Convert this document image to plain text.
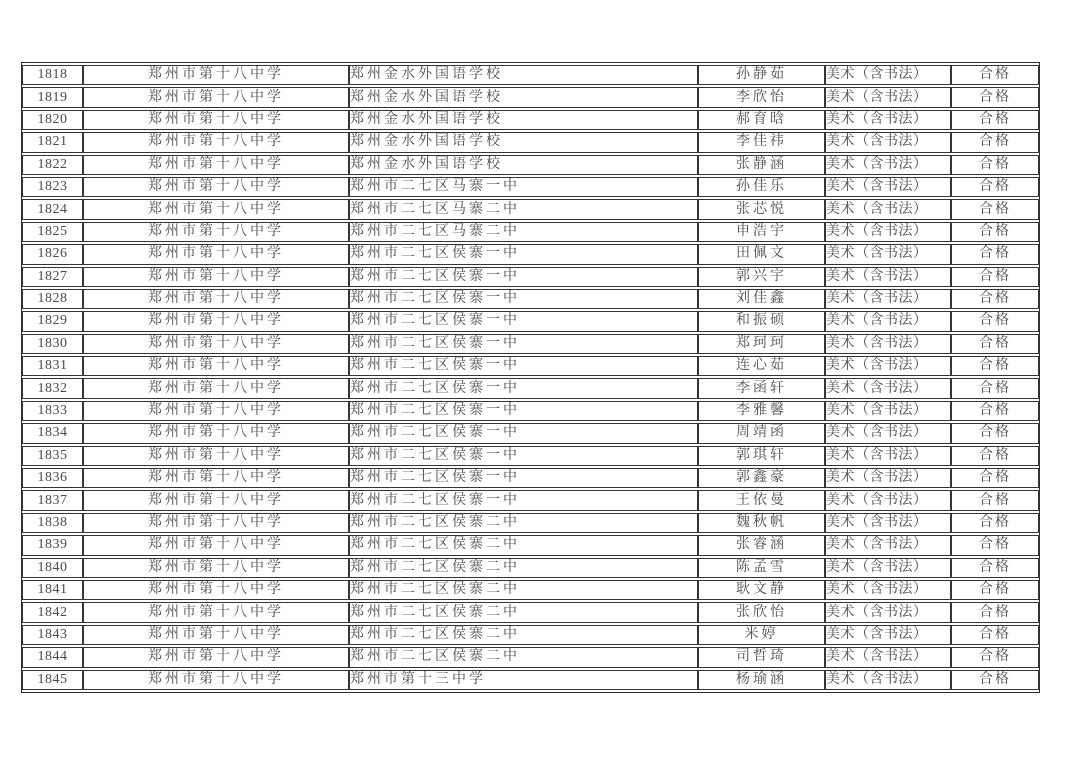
1818	郑州市第十八中学	郑州金水外国语学校	孙静茹	美术（含书法）	合格
1819	郑州市第十八中学	郑州金水外国语学校	李欣怡	美术（含书法）	合格
1820	郑州市第十八中学	郑州金水外国语学校	郝育晗	美术（含书法）	合格
1821	郑州市第十八中学	郑州金水外国语学校	李佳祎	美术（含书法）	合格
1822	郑州市第十八中学	郑州金水外国语学校	张静涵	美术（含书法）	合格
1823	郑州市第十八中学	郑州市二七区马寨一中	孙佳乐	美术（含书法）	合格
1824	郑州市第十八中学	郑州市二七区马寨二中	张芯悦	美术（含书法）	合格
1825	郑州市第十八中学	郑州市二七区马寨二中	申浩宇	美术（含书法）	合格
1826	郑州市第十八中学	郑州市二七区侯寨一中	田佩文	美术（含书法）	合格
1827	郑州市第十八中学	郑州市二七区侯寨一中	郭兴宇	美术（含书法）	合格
1828	郑州市第十八中学	郑州市二七区侯寨一中	刘佳鑫	美术（含书法）	合格
1829	郑州市第十八中学	郑州市二七区侯寨一中	和振硕	美术（含书法）	合格
1830	郑州市第十八中学	郑州市二七区侯寨一中	郑珂珂	美术（含书法）	合格
1831	郑州市第十八中学	郑州市二七区侯寨一中	连心茹	美术（含书法）	合格
1832	郑州市第十八中学	郑州市二七区侯寨一中	李函轩	美术（含书法）	合格
1833	郑州市第十八中学	郑州市二七区侯寨一中	李雅馨	美术（含书法）	合格
1834	郑州市第十八中学	郑州市二七区侯寨一中	周靖函	美术（含书法）	合格
1835	郑州市第十八中学	郑州市二七区侯寨一中	郭琪轩	美术（含书法）	合格
1836	郑州市第十八中学	郑州市二七区侯寨一中	郭鑫豪	美术（含书法）	合格
1837	郑州市第十八中学	郑州市二七区侯寨一中	王依曼	美术（含书法）	合格
1838	郑州市第十八中学	郑州市二七区侯寨二中	魏秋帆	美术（含书法）	合格
1839	郑州市第十八中学	郑州市二七区侯寨二中	张睿涵	美术（含书法）	合格
1840	郑州市第十八中学	郑州市二七区侯寨二中	陈孟雪	美术（含书法）	合格
1841	郑州市第十八中学	郑州市二七区侯寨二中	耿文静	美术（含书法）	合格
1842	郑州市第十八中学	郑州市二七区侯寨二中	张欣怡	美术（含书法）	合格
1843	郑州市第十八中学	郑州市二七区侯寨二中	米婷	美术（含书法）	合格
1844	郑州市第十八中学	郑州市二七区侯寨二中	司哲琦	美术（含书法）	合格
1845	郑州市第十八中学	郑州市第十三中学	杨瑜涵	美术（含书法）	合格
